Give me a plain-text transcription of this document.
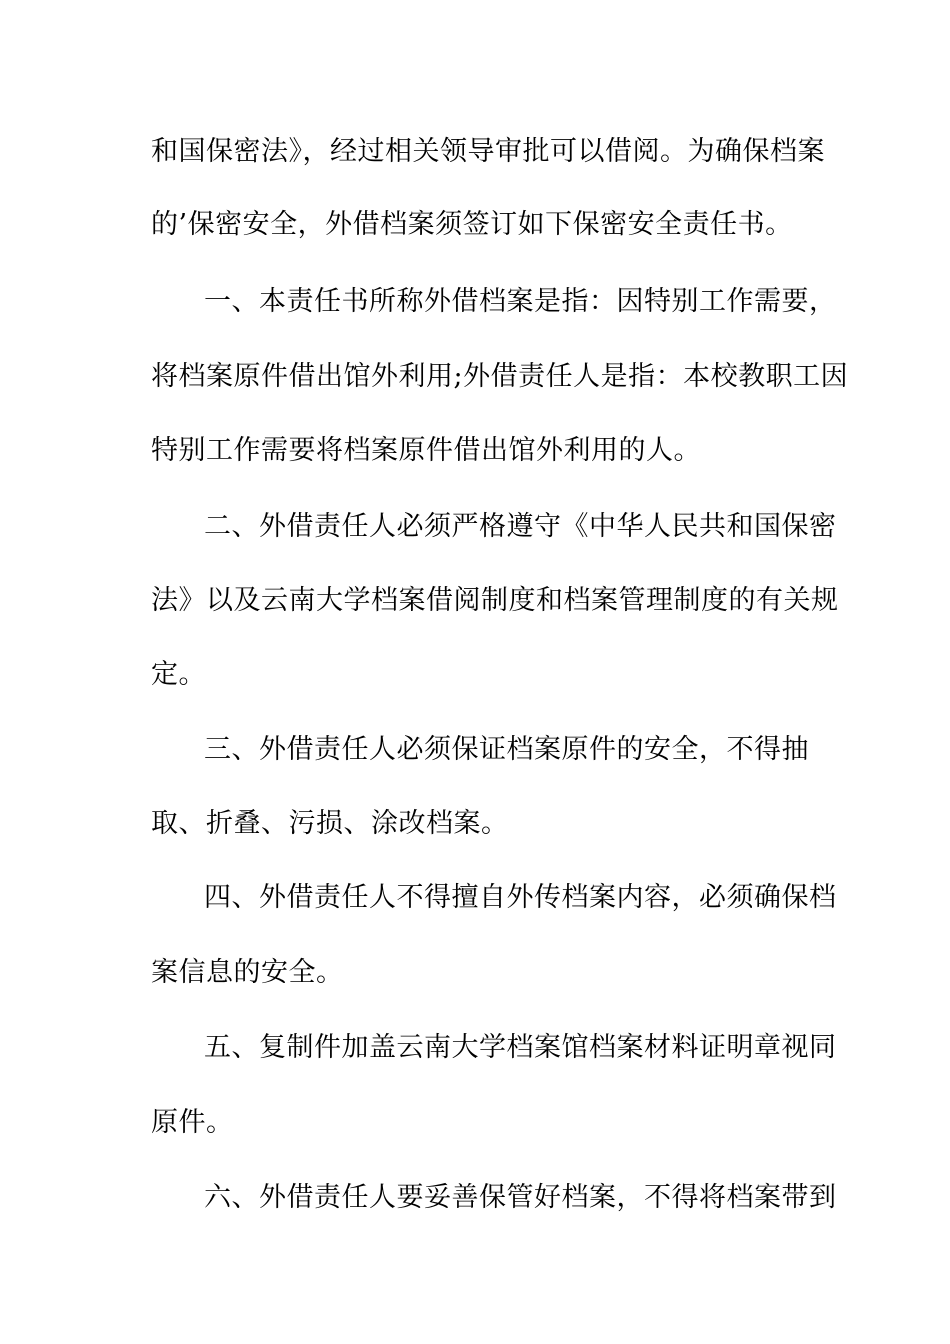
和国保密法》，经过相关领导审批可以借阅。为确保档案
的’保密安全，外借档案须签订如下保密安全责任书。
一、本责任书所称外借档案是指：因特别工作需要，
将档案原件借出馆外利用;外借责任人是指：本校教职工因
特别工作需要将档案原件借出馆外利用的人。
二、外借责任人必须严格遵守《中华人民共和国保密
法》以及云南大学档案借阅制度和档案管理制度的有关规
定。
三、外借责任人必须保证档案原件的安全，不得抽
取、折叠、污损、涂改档案。
四、外借责任人不得擅自外传档案内容，必须确保档
案信息的安全。
五、复制件加盖云南大学档案馆档案材料证明章视同
原件。
六、外借责任人要妥善保管好档案，不得将档案带到
